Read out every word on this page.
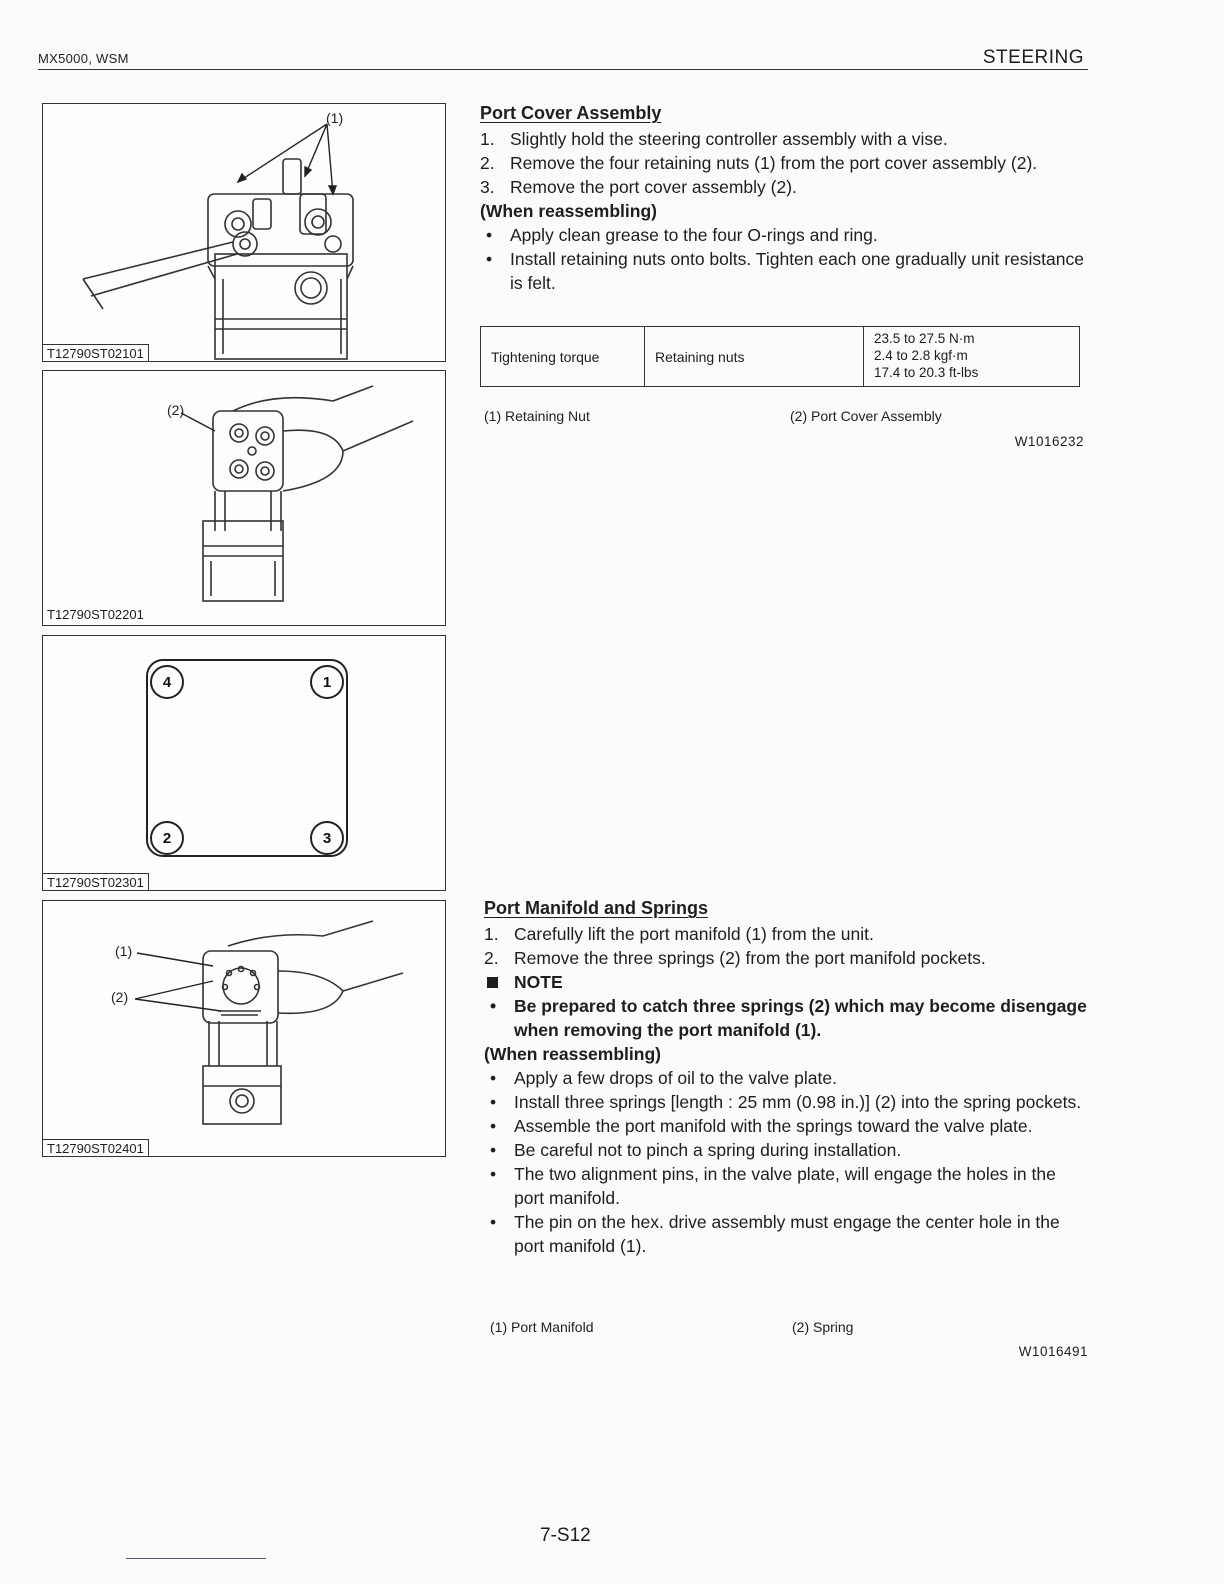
MX5000, WSM	STEERING
(1)
T12790ST02101
(2)
T12790ST02201
4	1
2	3
T12790ST02301
(1)
(2)
T12790ST02401
Port Cover Assembly
1. Slightly hold the steering controller assembly with a vise.
2. Remove the four retaining nuts (1) from the port cover assembly (2).
3. Remove the port cover assembly (2).
(When reassembling)
• Apply clean grease to the four O-rings and ring.
• Install retaining nuts onto bolts. Tighten each one gradually unit resistance is felt.
Tightening torque	Retaining nuts	
23.5 to 27.5 N·m
2.4 to 2.8 kgf·m
17.4 to 20.3 ft-lbs
(1) Retaining Nut	(2) Port Cover Assembly
W1016232
Port Manifold and Springs
1. Carefully lift the port manifold (1) from the unit.
2. Remove the three springs (2) from the port manifold pockets.
NOTE
• Be prepared to catch three springs (2) which may become disengage when removing the port manifold (1).
(When reassembling)
• Apply a few drops of oil to the valve plate.
• Install three springs [length : 25 mm (0.98 in.)] (2) into the spring pockets.
• Assemble the port manifold with the springs toward the valve plate.
• Be careful not to pinch a spring during installation.
• The two alignment pins, in the valve plate, will engage the holes in the port manifold.
• The pin on the hex. drive assembly must engage the center hole in the port manifold (1).
(1) Port Manifold	(2) Spring
W1016491
7-S12
